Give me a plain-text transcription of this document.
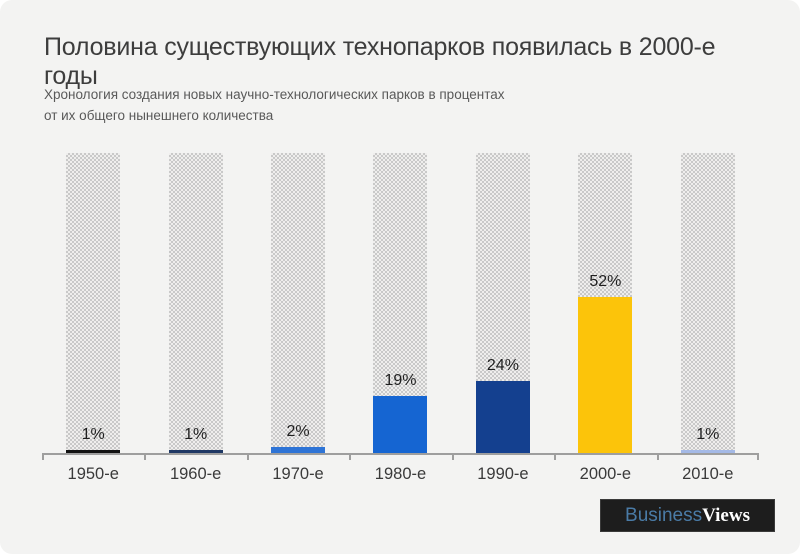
Половина существующих технопарков появилась в 2000-е годы
Хронология создания новых научно-технологических парков в процентах
от их общего нынешнего количества
1%
1950-е
1%
1960-е
2%
1970-е
19%
1980-е
24%
1990-е
52%
2000-е
1%
2010-е
Business Views
